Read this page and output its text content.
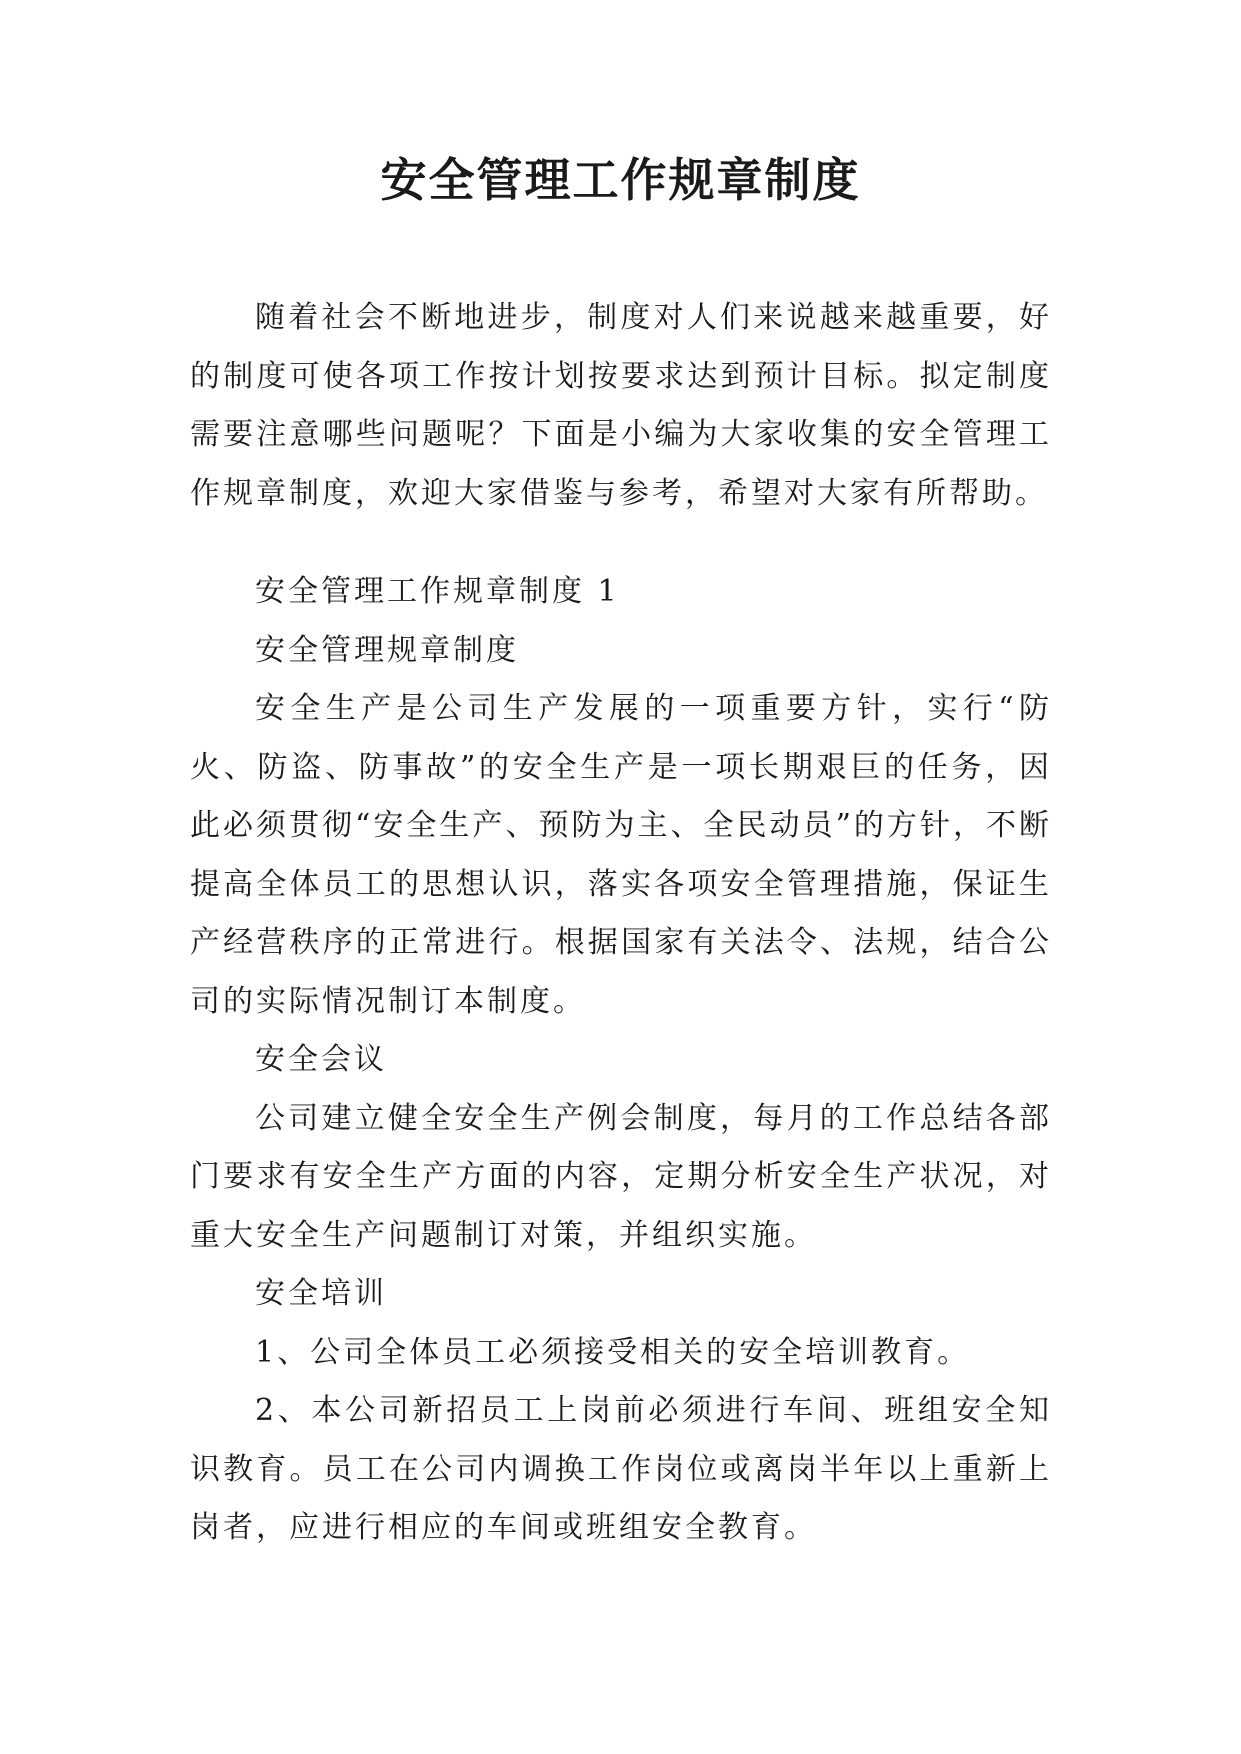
安全管理工作规章制度

随着社会不断地进步，制度对人们来说越来越重要，好的制度可使各项工作按计划按要求达到预计目标。拟定制度需要注意哪些问题呢？下面是小编为大家收集的安全管理工作规章制度，欢迎大家借鉴与参考，希望对大家有所帮助。

安全管理工作规章制度 1

安全管理规章制度

安全生产是公司生产发展的一项重要方针，实行“防火、防盗、防事故”的安全生产是一项长期艰巨的任务，因此必须贯彻“安全生产、预防为主、全民动员”的方针，不断提高全体员工的思想认识，落实各项安全管理措施，保证生产经营秩序的正常进行。根据国家有关法令、法规，结合公司的实际情况制订本制度。

安全会议

公司建立健全安全生产例会制度，每月的工作总结各部门要求有安全生产方面的内容，定期分析安全生产状况，对重大安全生产问题制订对策，并组织实施。

安全培训

1、公司全体员工必须接受相关的安全培训教育。

2、本公司新招员工上岗前必须进行车间、班组安全知识教育。员工在公司内调换工作岗位或离岗半年以上重新上岗者，应进行相应的车间或班组安全教育。
